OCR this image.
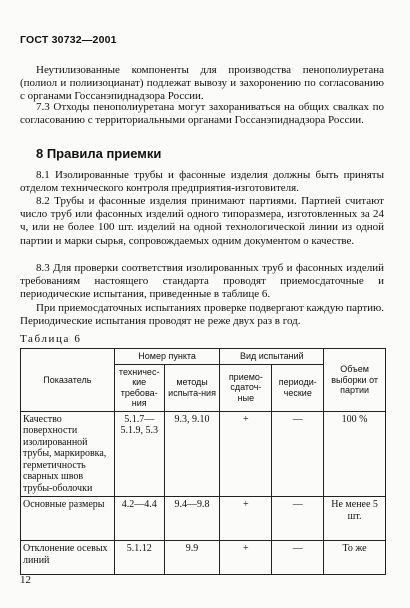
ГОСТ 30732—2001

Неутилизованные компоненты для производства пенополиуретана (полиол и полиизоцианат) подлежат вывозу и захоронению по согласованию с органами Госсанэпиднадзора России.

7.3 Отходы пенополиуретана могут захораниваться на общих свалках по согласованию с территориальными органами Госсанэпиднадзора России.

8 Правила приемки

8.1 Изолированные трубы и фасонные изделия должны быть приняты отделом технического контроля предприятия-изготовителя.

8.2 Трубы и фасонные изделия принимают партиями. Партией считают число труб или фасонных изделий одного типоразмера, изготовленных за 24 ч, или не более 100 шт. изделий на одной технологической линии из одной партии и марки сырья, сопровождаемых одним документом о качестве.

8.3 Для проверки соответствия изолированных труб и фасонных изделий требованиям настоящего стандарта проводят приемосдаточные и периодические испытания, приведенные в таблице 6.

При приемосдаточных испытаниях проверке подвергают каждую партию. Периодические испытания проводят не реже двух раз в год.

Таблица 6
Показатель	Номер пункта		Вид испытаний		Объем выборки от партии
	техничес-кие требова-ния	методы испыта-ния	приемо-сдаточ-ные	периоди-ческие	
Качество поверхности изолированной трубы, маркировка, герметичность сварных швов трубы-оболочки	5.1.7— 5.1.9, 5.3	9.3, 9.10	+	—	100 %
Основные размеры	4.2—4.4	9.4—9.8	+	—	Не менее 5 шт.
Отклонение осевых линий	5.1.12	9.9	+	—	То же
12
